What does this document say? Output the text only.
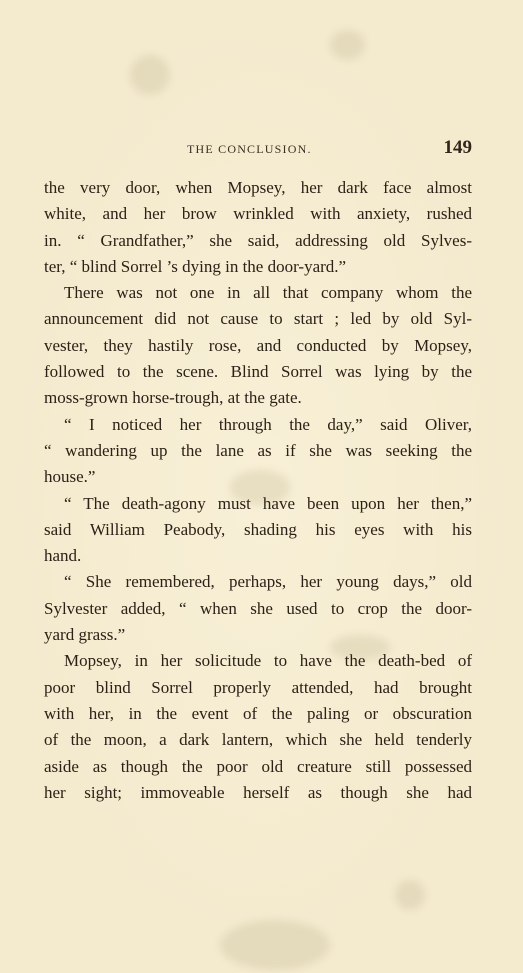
THE CONCLUSION.	149
the very door, when Mopsey, her dark face almost
white, and her brow wrinkled with anxiety, rushed
in. “ Grandfather,” she said, addressing old Sylves-
ter, “ blind Sorrel ’s dying in the door-yard.”
There was not one in all that company whom the
announcement did not cause to start ; led by old Syl-
vester, they hastily rose, and conducted by Mopsey,
followed to the scene. Blind Sorrel was lying by the
moss-grown horse-trough, at the gate.
“ I noticed her through the day,” said Oliver,
“ wandering up the lane as if she was seeking the
house.”
“ The death-agony must have been upon her then,”
said William Peabody, shading his eyes with his
hand.
“ She remembered, perhaps, her young days,” old
Sylvester added, “ when she used to crop the door-
yard grass.”
Mopsey, in her solicitude to have the death-bed of
poor blind Sorrel properly attended, had brought
with her, in the event of the paling or obscuration
of the moon, a dark lantern, which she held tenderly
aside as though the poor old creature still possessed
her sight; immoveable herself as though she had
